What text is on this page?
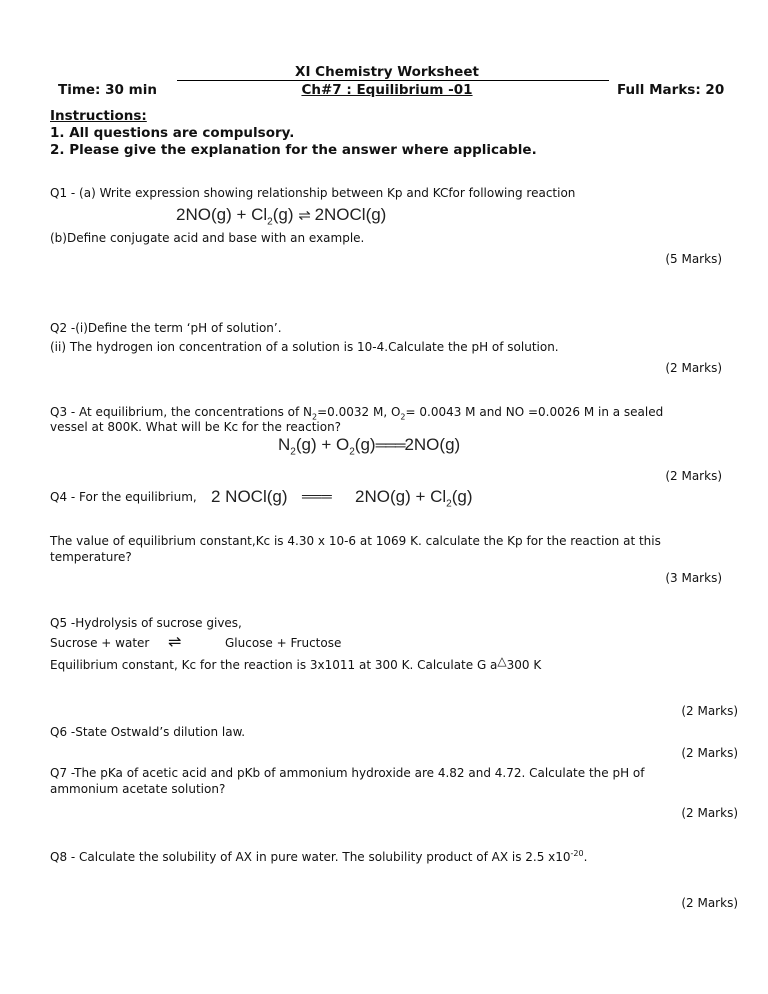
XI Chemistry Worksheet
Time: 30 min	Ch#7 : Equilibrium -01	Full Marks: 20
Instructions:
1. All questions are compulsory.
2. Please give the explanation for the answer where applicable.
Q1 - (a) Write expression showing relationship between Kp and KCfor following reaction
$2NO(g) + Cl_2(g)$ ⇌ 2NOCl(g)
(b)Define conjugate acid and base with an example.
(5 Marks)
Q2 -(i)Define the term ‘pH of solution’.
(ii) The hydrogen ion concentration of a solution is 10-4.Calculate the pH of solution.
(2 Marks)
Q3 - At equilibrium, the concentrations of $N_2=0.0032$ M, $O_2= 0.0043$ M and NO =0.0026 M in a sealed
vessel at 800K. What will be Kc for the reaction?
$N_2(g)$ + $O_2(g)═══2NO(g)$
(2 Marks)
Q4 - For the equilibrium, 2 NOCl(g) ═══ $2NO(g) + Cl_2(g)$
The value of equilibrium constant,Kc is 4.30 x 10-6 at 1069 K. calculate the Kp for the reaction at this
temperature?
(3 Marks)
Q5 -Hydrolysis of sucrose gives,
Sucrose + water ⇌	Glucose + Fructose
Equilibrium constant, Kc for the reaction is 3x1011 at 300 K. Calculate G a△300 K
(2 Marks)
Q6 -State Ostwald’s dilution law.
(2 Marks)
Q7 -The pKa of acetic acid and pKb of ammonium hydroxide are 4.82 and 4.72. Calculate the pH of
ammonium acetate solution?
(2 Marks)
Q8 - Calculate the solubility of AX in pure water. The solubility product of AX is 2.5 $x10^{-20}$.
(2 Marks)
